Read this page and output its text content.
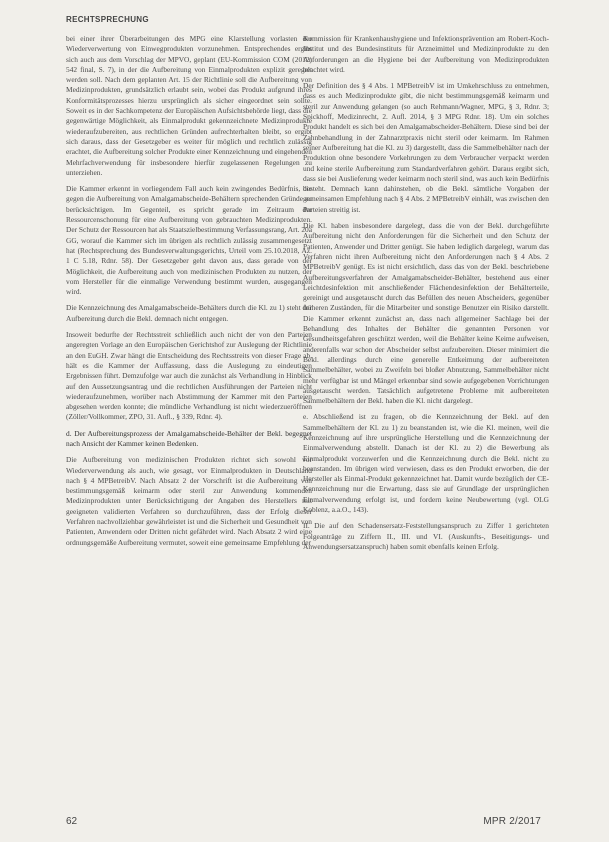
RECHTSPRECHUNG

bei einer ihrer Überarbeitungen des MPG eine Klarstellung vorlasten der Wiederverwertung von Einwegprodukten vorzunehmen. Entsprechendes ergibt sich auch aus dem Vorschlag der MPVO, geplant (EU-Kommission COM (2012) 542 final, S. 7), in der die Aufbereitung von Einmalprodukten explizit geregelt werden soll. Nach dem geplanten Art. 15 der Richtlinie soll die Aufbereitung von Medizinprodukten, grundsätzlich erlaubt sein, wobei das Produkt aufgrund ihres Konformitätsprozesses hierzu ursprünglich als sicher eingeordnet sein sollte. Soweit es in der Sachkompetenz der Europäischen Aufsichtsbehörde liegt, dass die gegenwärtige Möglichkeit, als Einmalprodukt gekennzeichnete Medizinprodukte wiederaufzubereiten, aus rechtlichen Gründen aufrechterhalten bleibt, so ergibt sich daraus, dass der Gesetzgeber es weiter für möglich und rechtlich zulässig erachtet, die Aufbereitung solcher Produkte einer Kennzeichnung und eingehenden Mehrfachverwendung für insbesondere hierfür zugelassenen Regelungen zu unterziehen.

Die Kammer erkennt in vorliegendem Fall auch kein zwingendes Bedürfnis, die gegen die Aufbereitung von Amalgamabscheide-Behältern sprechenden Gründe zu berücksichtigen. Im Gegenteil, es spricht gerade im Zeitraum der Ressourcenschonung für eine Aufbereitung von gebrauchten Medizinprodukten. Der Schutz der Ressourcen hat als Staatszielbestimmung Verfassungsrang, Art. 20a GG, worauf die Kammer sich im übrigen als rechtlich zulässig zusammengesetzt hat (Rechtsprechung des Bundesverwaltungsgerichts, Urteil vom 25.10.2018, Az. 1 C 5.18, Rdnr. 58). Der Gesetzgeber geht davon aus, dass gerade von der Möglichkeit, die Aufbereitung auch von medizinischen Produkten zu nutzen, der vom Hersteller für die einmalige Verwendung bestimmt wurden, ausgegangen wird.

Die Kennzeichnung des Amalgamabscheide-Behälters durch die Kl. zu 1) steht der Aufbereitung durch die Bekl. demnach nicht entgegen.

Insoweit bedurfte der Rechtsstreit schließlich auch nicht der von den Parteien angeregten Vorlage an den Europäischen Gerichtshof zur Auslegung der Richtlinie an den EuGH. Zwar hängt die Entscheidung des Rechtsstreits von dieser Frage ab, hält es die Kammer der Auffassung, dass die Auslegung zu eindeutigen Ergebnissen führt. Demzufolge war auch die zunächst als Verhandlung in Hinblick auf den Aussetzungsantrag und die rechtlichen Ausführungen der Parteien nicht wiederaufzunehmen, worüber nach Abstimmung der Kammer mit den Parteien abgesehen werden konnte; die mündliche Verhandlung ist nicht wiederzueröffnen (Zöller/Vollkommer, ZPO, 31. Aufl., § 339, Rdnr. 4).

d. Der Aufbereitungsprozess der Amalgamabscheide-Behälter der Bekl. begegnet nach Ansicht der Kammer keinen Bedenken.

Die Aufbereitung von medizinischen Produkten richtet sich sowohl vor Wiederverwendung als auch, wie gesagt, vor Einmalprodukten in Deutschland nach § 4 MPBetreibV. Nach Absatz 2 der Vorschrift ist die Aufbereitung von bestimmungsgemäß keimarm oder steril zur Anwendung kommenden Medizinprodukten unter Berücksichtigung der Angaben des Herstellers mit geeigneten validierten Verfahren so durchzuführen, dass der Erfolg dieser Verfahren nachvollziehbar gewährleistet ist und die Sicherheit und Gesundheit von Patienten, Anwendern oder Dritten nicht gefährdet wird. Nach Absatz 2 wird eine ordnungsgemäße Aufbereitung vermutet, soweit eine gemeinsame Empfehlung der

Kommission für Krankenhaushygiene und Infektionsprävention am Robert-Koch-Institut und des Bundesinstituts für Arzneimittel und Medizinprodukte zu den Anforderungen an die Hygiene bei der Aufbereitung von Medizinprodukten beachtet wird.

Der Definition des § 4 Abs. 1 MPBetreibV ist im Umkehrschluss zu entnehmen, dass es auch Medizinprodukte gibt, die nicht bestimmungsgemäß keimarm und steril zur Anwendung gelangen (so auch Rehmann/Wagner, MPG, § 3, Rdnr. 3; Spickhoff, Medizinrecht, 2. Aufl. 2014, § 3 MPG Rdnr. 18). Um ein solches Produkt handelt es sich bei den Amalgamabscheider-Behältern. Diese sind bei der Zahnbehandlung in der Zahnarztpraxis nicht steril oder keimarm. Im Rahmen seiner Aufbereitung hat die Kl. zu 3) dargestellt, dass die Sammelbehälter nach der Produktion ohne besondere Vorkehrungen zu dem Verbraucher verpackt werden und keine sterile Aufbereitung zum Standardverfahren gehört. Daraus ergibt sich, dass sie bei Auslieferung weder keimarm noch steril sind, was auch kein Bedürfnis besteht. Demnach kann dahinstehen, ob die Bekl. sämtliche Vorgaben der gemeinsamen Empfehlung nach § 4 Abs. 2 MPBetreibV einhält, was zwischen den Parteien streitig ist.

Die Kl. haben insbesondere dargelegt, dass die von der Bekl. durchgeführte Aufbereitung nicht den Anforderungen für die Sicherheit und den Schutz der Patienten, Anwender und Dritter genügt. Sie haben lediglich dargelegt, warum das Verfahren nicht ihren Aufbereitung nicht den Anforderungen nach § 4 Abs. 2 MPBetreibV genügt. Es ist nicht ersichtlich, dass das von der Bekl. beschriebene Aufbereitungsverfahren der Amalgamabscheider-Behälter, bestehend aus einer Leichtdesinfektion mit anschließender Flächendesinfektion der Behälterteile, gereinigt und ausgetauscht durch das Befüllen des neuen Abscheiders, gegenüber früheren Zuständen, für die Mitarbeiter und sonstige Benutzer ein Risiko darstellt. Die Kammer erkennt zunächst an, dass nach allgemeiner Sachlage bei der Behandlung des Inhaltes der Behälter die genannten Personen vor Gesundheitsgefahren geschützt werden, weil die Behälter keine Keime aufweisen, anderenfalls war schon der Abscheider selbst aufzubereiten. Dieser minimiert die Bekl. allerdings durch eine generelle Entkeimung der aufbereiteten Sammelbehälter, wobei zu Zweifeln bei bloßer Abnutzung, Sammelbehälter nicht mehr verfügbar ist und Mängel erkennbar sind sowie aufgegebenen Vorrichtungen ausgetauscht werden. Tatsächlich aufgetretene Probleme mit aufbereiteten Sammelbehältern der Bekl. haben die Kl. nicht dargelegt.

e. Abschließend ist zu fragen, ob die Kennzeichnung der Bekl. auf den Sammelbehältern der Kl. zu 1) zu beanstanden ist, wie die Kl. meinen, weil die Kennzeichnung auf ihre ursprüngliche Herstellung und die Kennzeichnung der Einmalverwendung abstellt. Danach ist der Kl. zu 2) die Bewerbung als Einmalprodukt vorzuwerfen und die Kennzeichnung durch die Bekl. nicht zu beanstanden. Im übrigen wird verwiesen, dass es den Produkt erworben, die der Hersteller als Einmal-Produkt gekennzeichnet hat. Damit wurde bezüglich der CE-Kennzeichnung nur die Erwartung, dass sie auf Grundlage der ursprünglichen Einmalverwendung erfolgt ist, und fordern keine Neubewertung (vgl. OLG Koblenz, a.a.O., 143).

II. Die auf den Schadensersatz-Feststellungsanspruch zu Ziffer 1 gerichteten Folgeanträge zu Ziffern II., III. und VI. (Auskunfts-, Beseitigungs- und Anwendungsersatzanspruch) haben somit ebenfalls keinen Erfolg.

62	MPR 2/2017
